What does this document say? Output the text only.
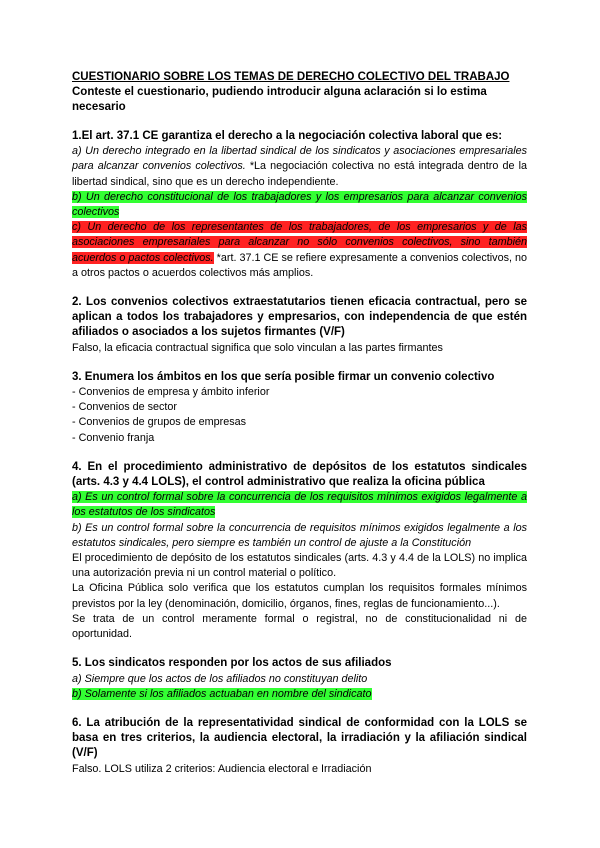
CUESTIONARIO SOBRE LOS TEMAS DE DERECHO COLECTIVO DEL TRABAJO

Conteste el cuestionario, pudiendo introducir alguna aclaración si lo estima necesario

1.El art. 37.1 CE garantiza el derecho a la negociación colectiva laboral que es:

a) Un derecho integrado en la libertad sindical de los sindicatos y asociaciones empresariales para alcanzar convenios colectivos. *La negociación colectiva no está integrada dentro de la libertad sindical, sino que es un derecho independiente.

b) Un derecho constitucional de los trabajadores y los empresarios para alcanzar convenios colectivos

c) Un derecho de los representantes de los trabajadores, de los empresarios y de las asociaciones empresariales para alcanzar no sólo convenios colectivos, sino también acuerdos o pactos colectivos. *art. 37.1 CE se refiere expresamente a convenios colectivos, no a otros pactos o acuerdos colectivos más amplios.

2. Los convenios colectivos extraestatutarios tienen eficacia contractual, pero se aplican a todos los trabajadores y empresarios, con independencia de que estén afiliados o asociados a los sujetos firmantes (V/F)

Falso, la eficacia contractual significa que solo vinculan a las partes firmantes

3. Enumera los ámbitos en los que sería posible firmar un convenio colectivo

- Convenios de empresa y ámbito inferior

- Convenios de sector

- Convenios de grupos de empresas

- Convenio franja

4. En el procedimiento administrativo de depósitos de los estatutos sindicales (arts. 4.3 y 4.4 LOLS), el control administrativo que realiza la oficina pública

a) Es un control formal sobre la concurrencia de los requisitos mínimos exigidos legalmente a los estatutos de los sindicatos

b) Es un control formal sobre la concurrencia de requisitos mínimos exigidos legalmente a los estatutos sindicales, pero siempre es también un control de ajuste a la Constitución

El procedimiento de depósito de los estatutos sindicales (arts. 4.3 y 4.4 de la LOLS) no implica una autorización previa ni un control material o político.

La Oficina Pública solo verifica que los estatutos cumplan los requisitos formales mínimos previstos por la ley (denominación, domicilio, órganos, fines, reglas de funcionamiento...).

Se trata de un control meramente formal o registral, no de constitucionalidad ni de oportunidad.

5. Los sindicatos responden por los actos de sus afiliados

a) Siempre que los actos de los afiliados no constituyan delito

b) Solamente si los afiliados actuaban en nombre del sindicato

6. La atribución de la representatividad sindical de conformidad con la LOLS se basa en tres criterios, la audiencia electoral, la irradiación y la afiliación sindical (V/F)

Falso. LOLS utiliza 2 criterios: Audiencia electoral e Irradiación
